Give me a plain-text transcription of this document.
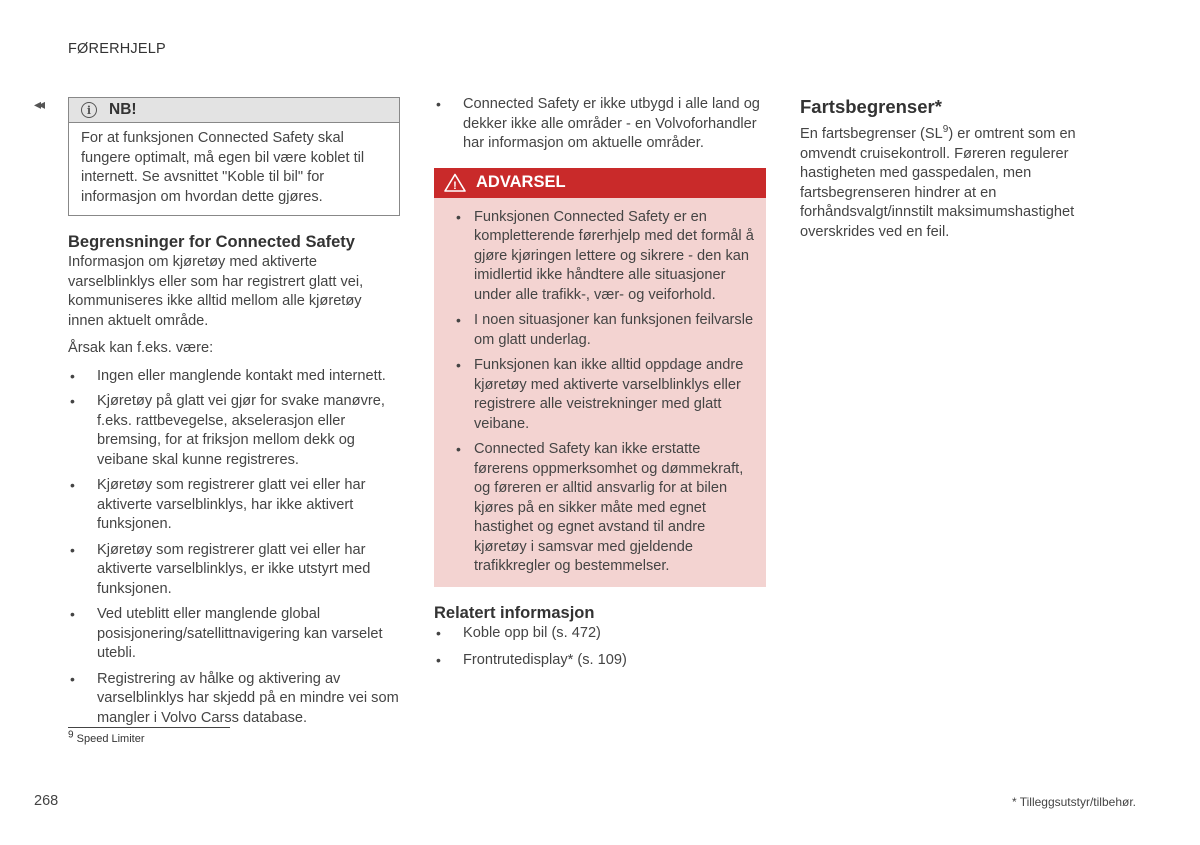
FØRERHJELP
◂◂	i	NB!
For at funksjonen Connected Safety skal fungere optimalt, må egen bil være koblet til internett. Se avsnittet "Koble til bil" for informasjon om hvordan dette gjøres.
Begrensninger for Connected Safety

Informasjon om kjøretøy med aktiverte varselblinklys eller som har registrert glatt vei, kommuniseres ikke alltid mellom alle kjøretøy innen aktuelt område.

Årsak kan f.eks. være:

• Ingen eller manglende kontakt med internett.
• Kjøretøy på glatt vei gjør for svake manøvre, f.eks. rattbevegelse, akselerasjon eller bremsing, for at friksjon mellom dekk og veibane skal kunne registreres.
• Kjøretøy som registrerer glatt vei eller har aktiverte varselblinklys, har ikke aktivert funksjonen.
• Kjøretøy som registrerer glatt vei eller har aktiverte varselblinklys, er ikke utstyrt med funksjonen.
• Ved uteblitt eller manglende global posisjonering/satellittnavigering kan varselet utebli.
• Registrering av hålke og aktivering av varselblinklys har skjedd på en mindre vei som mangler i Volvo Carss database.
• Connected Safety er ikke utbygd i alle land og dekker ikke alle områder - en Volvoforhandler har informasjon om aktuelle områder.
! ADVARSEL
• Funksjonen Connected Safety er en kompletterende førerhjelp med det formål å gjøre kjøringen lettere og sikrere - den kan imidlertid ikke håndtere alle situasjoner under alle trafikk-, vær- og veiforhold.
• I noen situasjoner kan funksjonen feilvarsle om glatt underlag.
• Funksjonen kan ikke alltid oppdage andre kjøretøy med aktiverte varselblinklys eller registrere alle veistrekninger med glatt veibane.
• Connected Safety kan ikke erstatte førerens oppmerksomhet og dømmekraft, og føreren er alltid ansvarlig for at bilen kjøres på en sikker måte med egnet hastighet og egnet avstand til andre kjøretøy i samsvar med gjeldende trafikkregler og bestemmelser.
Relatert informasjon
• Koble opp bil (s. 472)
• Frontrutedisplay* (s. 109)
Fartsbegrenser*

En fartsbegrenser $(SL^9)$ er omtrent som en omvendt cruisekontroll. Føreren regulerer hastigheten med gasspedalen, men fartsbegrenseren hindrer at en forhåndsvalgt/innstilt maksimumshastighet overskrides ved en feil.

$^9$ Speed Limiter
268	* Tilleggsutstyr/tilbehør.
